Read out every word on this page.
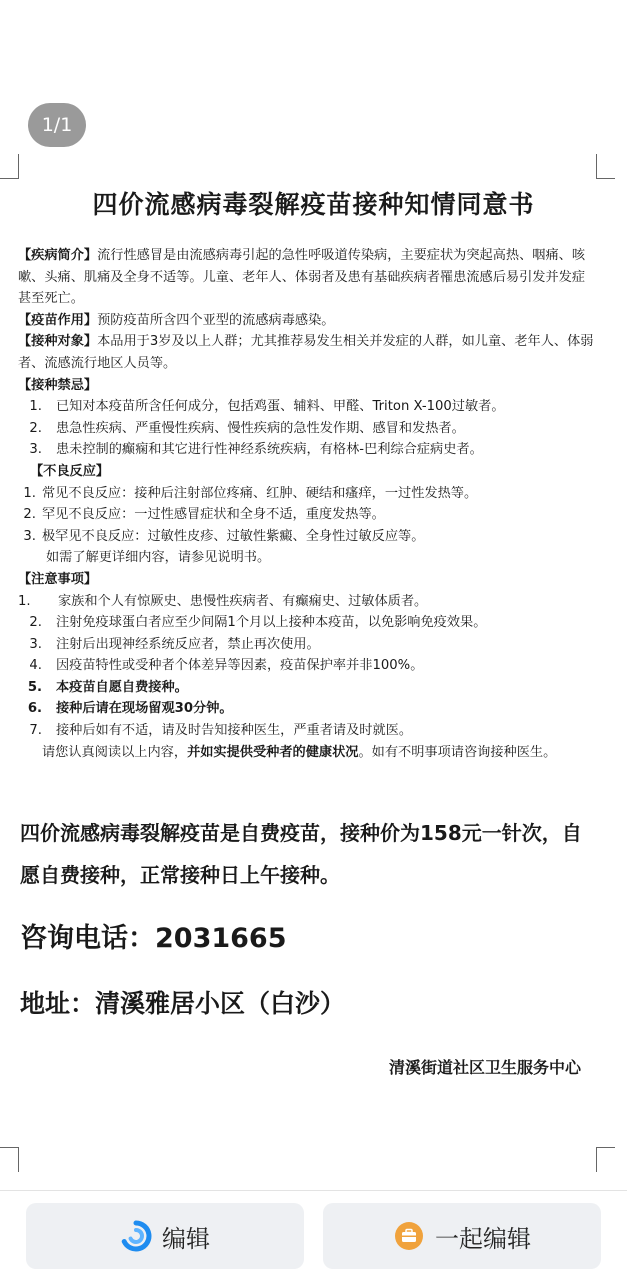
1/1
四价流感病毒裂解疫苗接种知情同意书

【疾病简介】流行性感冒是由流感病毒引起的急性呼吸道传染病，主要症状为突起高热、咽痛、咳嗽、头痛、肌痛及全身不适等。儿童、老年人、体弱者及患有基础疾病者罹患流感后易引发并发症甚至死亡。

【疫苗作用】预防疫苗所含四个亚型的流感病毒感染。

【接种对象】本品用于3岁及以上人群；尤其推荐易发生相关并发症的人群，如儿童、老年人、体弱者、流感流行地区人员等。

【接种禁忌】

1.	已知对本疫苗所含任何成分，包括鸡蛋、辅料、甲醛、Triton X-100过敏者。
2.	患急性疾病、严重慢性疾病、慢性疾病的急性发作期、感冒和发热者。
3.	患未控制的癫痫和其它进行性神经系统疾病，有格林-巴利综合症病史者。

【不良反应】

1. 常见不良反应：接种后注射部位疼痛、红肿、硬结和瘙痒，一过性发热等。
2. 罕见不良反应：一过性感冒症状和全身不适，重度发热等。
3. 极罕见不良反应：过敏性皮疹、过敏性紫癜、全身性过敏反应等。

如需了解更详细内容，请参见说明书。

【注意事项】

1.	家族和个人有惊厥史、患慢性疾病者、有癫痫史、过敏体质者。
2.	注射免疫球蛋白者应至少间隔1个月以上接种本疫苗，以免影响免疫效果。
3.	注射后出现神经系统反应者，禁止再次使用。
4.	因疫苗特性或受种者个体差异等因素，疫苗保护率并非100%。
5.	本疫苗自愿自费接种。
6.	接种后请在现场留观30分钟。
7.	接种后如有不适，请及时告知接种医生，严重者请及时就医。

请您认真阅读以上内容，并如实提供受种者的健康状况。如有不明事项请咨询接种医生。

四价流感病毒裂解疫苗是自费疫苗，接种价为158元一针次，自愿自费接种，正常接种日上午接种。
咨询电话：2031665
地址：清溪雅居小区（白沙）
清溪街道社区卫生服务中心
编辑	一起编辑
